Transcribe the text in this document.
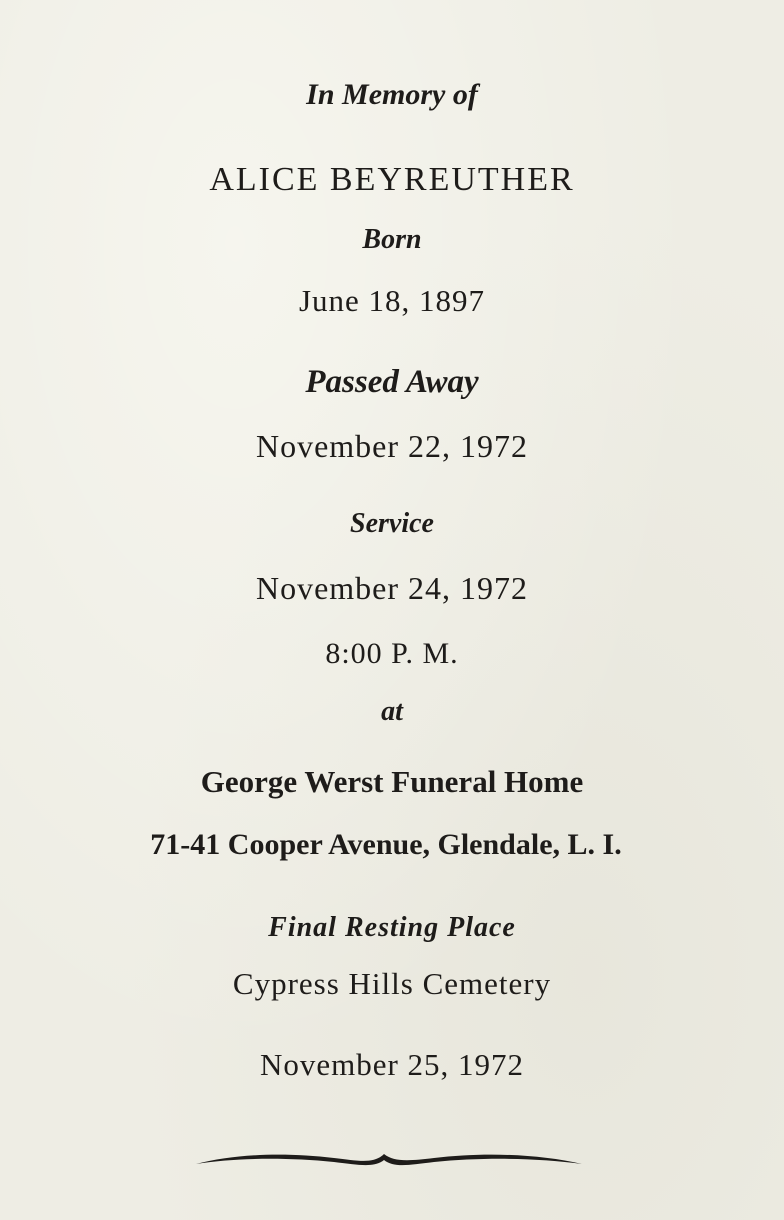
In Memory of
ALICE BEYREUTHER
Born
June 18, 1897
Passed Away
November 22, 1972
Service
November 24, 1972
8:00 P. M.
at
George Werst Funeral Home
71-41 Cooper Avenue, Glendale, L. I.
Final Resting Place
Cypress Hills Cemetery
November 25, 1972
